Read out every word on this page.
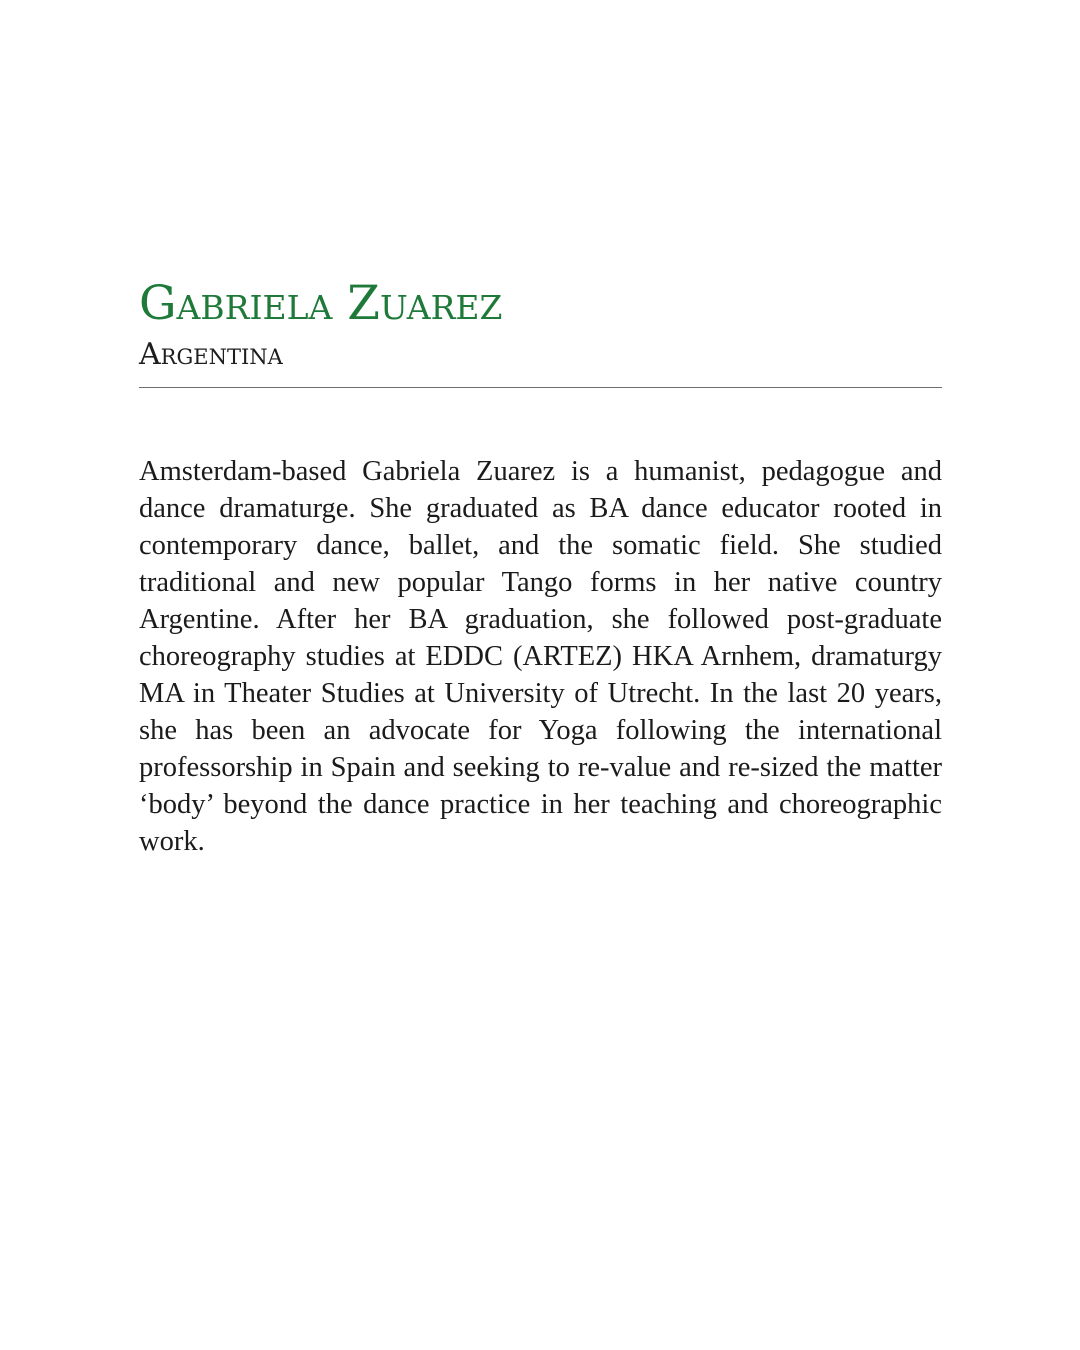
Gabriela Zuarez
Argentina

Amsterdam-based Gabriela Zuarez is a humanist, pedagogue and dance dramaturge. She graduated as BA dance educator rooted in contemporary dance, ballet, and the somatic field. She studied traditional and new popular Tango forms in her native country Argentine. After her BA graduation, she followed post-graduate choreography studies at EDDC (ARTEZ) HKA Arnhem, dramaturgy MA in Theater Studies at University of Utrecht. In the last 20 years, she has been an advocate for Yoga following the international professorship in Spain and seeking to re-value and re-sized the matter ‘body’ beyond the dance practice in her teaching and choreographic work.
